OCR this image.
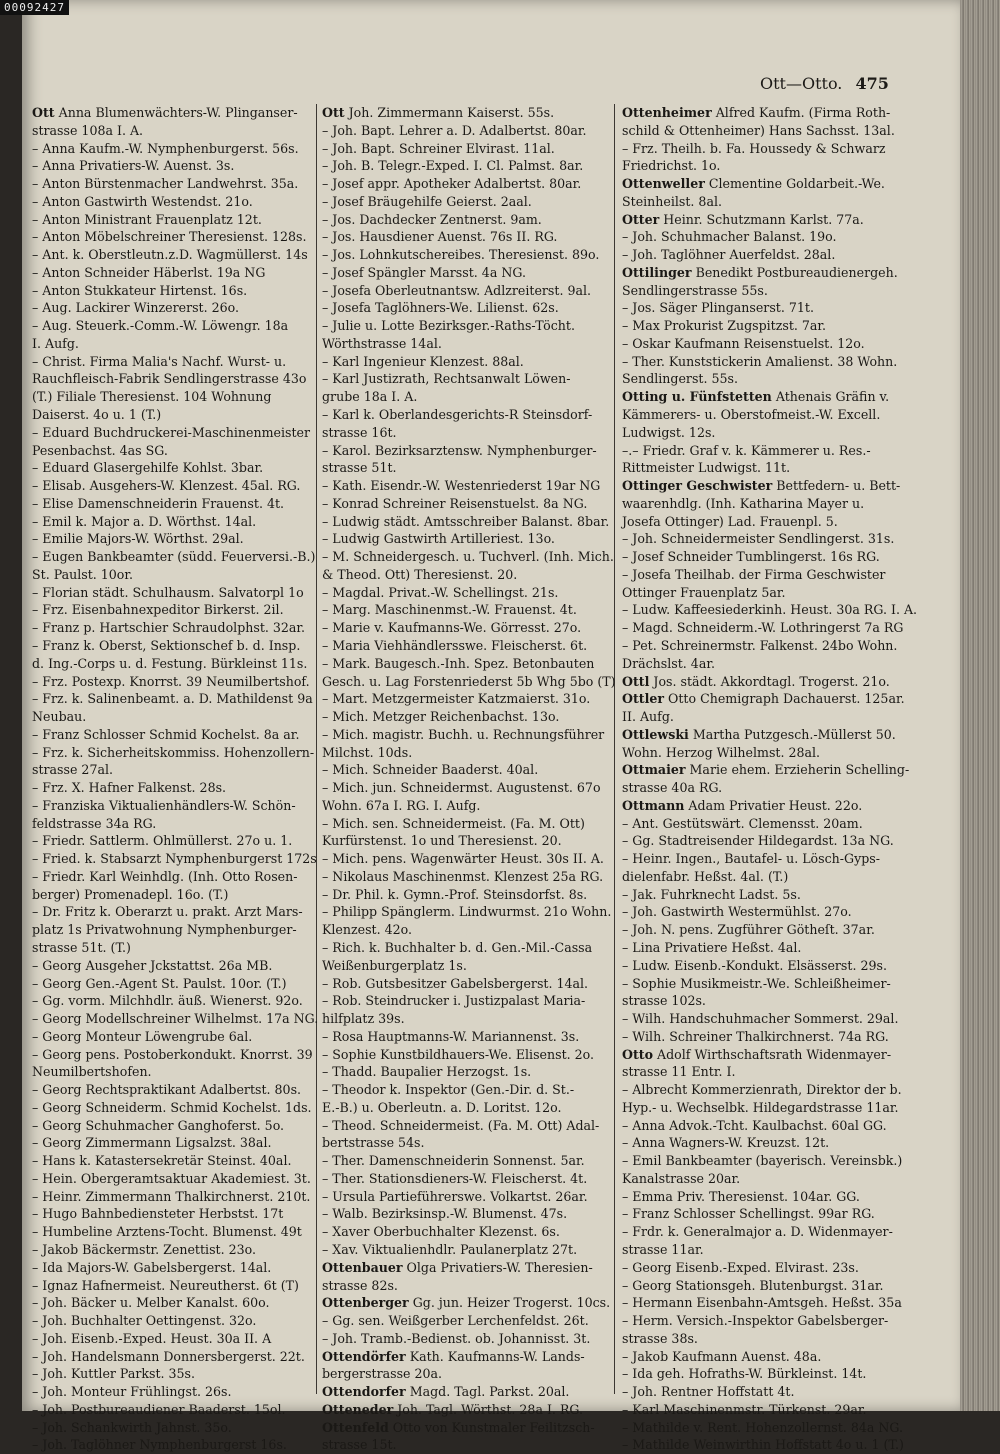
00092427
Ott—Otto. 475
Ott Anna Blumenwächters-W. Plinganser-
strasse 108a I. A.
– Anna Kaufm.-W. Nymphenburgerst. 56s.
– Anna Privatiers-W. Auenst. 3s.
– Anton Bürstenmacher Landwehrst. 35a.
– Anton Gastwirth Westendst. 21o.
– Anton Ministrant Frauenplatz 12t.
– Anton Möbelschreiner Theresienst. 128s.
– Ant. k. Oberstleutn.z.D. Wagmüllerst. 14s
– Anton Schneider Häberlst. 19a NG
– Anton Stukkateur Hirtenst. 16s.
– Aug. Lackirer Winzererst. 26o.
– Aug. Steuerk.-Comm.-W. Löwengr. 18a
I. Aufg.
– Christ. Firma Malia's Nachf. Wurst- u.
Rauchfleisch-Fabrik Sendlingerstrasse 43o
(T.) Filiale Theresienst. 104 Wohnung
Daiserst. 4o u. 1 (T.)
– Eduard Buchdruckerei-Maschinenmeister
Pesenbachst. 4as SG.
– Eduard Glasergehilfe Kohlst. 3bar.
– Elisab. Ausgehers-W. Klenzest. 45al. RG.
– Elise Damenschneiderin Frauenst. 4t.
– Emil k. Major a. D. Wörthst. 14al.
– Emilie Majors-W. Wörthst. 29al.
– Eugen Bankbeamter (südd. Feuerversi.-B.)
St. Paulst. 10or.
– Florian städt. Schulhausm. Salvatorpl 1o
– Frz. Eisenbahnexpeditor Birkerst. 2il.
– Franz p. Hartschier Schraudolphst. 32ar.
– Franz k. Oberst, Sektionschef b. d. Insp.
d. Ing.-Corps u. d. Festung. Bürkleinst 11s.
– Frz. Postexp. Knorrst. 39 Neumilbertshof.
– Frz. k. Salinenbeamt. a. D. Mathildenst 9a
Neubau.
– Franz Schlosser Schmid Kochelst. 8a ar.
– Frz. k. Sicherheitskommiss. Hohenzollern-
strasse 27al.
– Frz. X. Hafner Falkenst. 28s.
– Franziska Viktualienhändlers-W. Schön-
feldstrasse 34a RG.
– Friedr. Sattlerm. Ohlmüllerst. 27o u. 1.
– Fried. k. Stabsarzt Nymphenburgerst 172s
– Friedr. Karl Weinhdlg. (Inh. Otto Rosen-
berger) Promenadepl. 16o. (T.)
– Dr. Fritz k. Oberarzt u. prakt. Arzt Mars-
platz 1s Privatwohnung Nymphenburger-
strasse 51t. (T.)
– Georg Ausgeher Jckstattst. 26a MB.
– Georg Gen.-Agent St. Paulst. 10or. (T.)
– Gg. vorm. Milchhdlr. äuß. Wienerst. 92o.
– Georg Modellschreiner Wilhelmst. 17a NG.
– Georg Monteur Löwengrube 6al.
– Georg pens. Postoberkondukt. Knorrst. 39
Neumilbertshofen.
– Georg Rechtspraktikant Adalbertst. 80s.
– Georg Schneiderm. Schmid Kochelst. 1ds.
– Georg Schuhmacher Ganghoferst. 5o.
– Georg Zimmermann Ligsalzst. 38al.
– Hans k. Katastersekretär Steinst. 40al.
– Hein. Obergeramtsaktuar Akademiest. 3t.
– Heinr. Zimmermann Thalkirchnerst. 210t.
– Hugo Bahnbediensteter Herbstst. 17t
– Humbeline Arztens-Tocht. Blumenst. 49t
– Jakob Bäckermstr. Zenettist. 23o.
– Ida Majors-W. Gabelsbergerst. 14al.
– Ignaz Hafnermeist. Neureutherst. 6t (T)
– Joh. Bäcker u. Melber Kanalst. 60o.
– Joh. Buchhalter Oettingenst. 32o.
– Joh. Eisenb.-Exped. Heust. 30a II. A
– Joh. Handelsmann Donnersbergerst. 22t.
– Joh. Kuttler Parkst. 35s.
– Joh. Monteur Frühlingst. 26s.
– Joh. Postbureaudiener Baaderst. 15ol.
– Joh. Schankwirth Jahnst. 35o.
– Joh. Taglöhner Nymphenburgerst 16s.
Ott Joh. Zimmermann Kaiserst. 55s.
– Joh. Bapt. Lehrer a. D. Adalbertst. 80ar.
– Joh. Bapt. Schreiner Elvirast. 11al.
– Joh. B. Telegr.-Exped. I. Cl. Palmst. 8ar.
– Josef appr. Apotheker Adalbertst. 80ar.
– Josef Bräugehilfe Geierst. 2aal.
– Jos. Dachdecker Zentnerst. 9am.
– Jos. Hausdiener Auenst. 76s II. RG.
– Jos. Lohnkutschereibes. Theresienst. 89o.
– Josef Spängler Marsst. 4a NG.
– Josefa Oberleutnantsw. Adlzreiterst. 9al.
– Josefa Taglöhners-We. Lilienst. 62s.
– Julie u. Lotte Bezirksger.-Raths-Töcht.
Wörthstrasse 14al.
– Karl Ingenieur Klenzest. 88al.
– Karl Justizrath, Rechtsanwalt Löwen-
grube 18a I. A.
– Karl k. Oberlandesgerichts-R Steinsdorf-
strasse 16t.
– Karol. Bezirksarztensw. Nymphenburger-
strasse 51t.
– Kath. Eisendr.-W. Westenriederst 19ar NG
– Konrad Schreiner Reisenstuelst. 8a NG.
– Ludwig städt. Amtsschreiber Balanst. 8bar.
– Ludwig Gastwirth Artilleriest. 13o.
– M. Schneidergesch. u. Tuchverl. (Inh. Mich.
& Theod. Ott) Theresienst. 20.
– Magdal. Privat.-W. Schellingst. 21s.
– Marg. Maschinenmst.-W. Frauenst. 4t.
– Marie v. Kaufmanns-We. Görresst. 27o.
– Maria Viehhändlersswe. Fleischerst. 6t.
– Mark. Baugesch.-Inh. Spez. Betonbauten
Gesch. u. Lag Forstenriederst 5b Whg 5bo (T)
– Mart. Metzgermeister Katzmaierst. 31o.
– Mich. Metzger Reichenbachst. 13o.
– Mich. magistr. Buchh. u. Rechnungsführer
Milchst. 10ds.
– Mich. Schneider Baaderst. 40al.
– Mich. jun. Schneidermst. Augustenst. 67o
Wohn. 67a I. RG. I. Aufg.
– Mich. sen. Schneidermeist. (Fa. M. Ott)
Kurfürstenst. 1o und Theresienst. 20.
– Mich. pens. Wagenwärter Heust. 30s II. A.
– Nikolaus Maschinenmst. Klenzest 25a RG.
– Dr. Phil. k. Gymn.-Prof. Steinsdorfst. 8s.
– Philipp Spänglerm. Lindwurmst. 21o Wohn.
Klenzest. 42o.
– Rich. k. Buchhalter b. d. Gen.-Mil.-Cassa
Weißenburgerplatz 1s.
– Rob. Gutsbesitzer Gabelsbergerst. 14al.
– Rob. Steindrucker i. Justizpalast Maria-
hilfplatz 39s.
– Rosa Hauptmanns-W. Mariannenst. 3s.
– Sophie Kunstbildhauers-We. Elisenst. 2o.
– Thadd. Baupalier Herzogst. 1s.
– Theodor k. Inspektor (Gen.-Dir. d. St.-
E.-B.) u. Oberleutn. a. D. Loritst. 12o.
– Theod. Schneidermeist. (Fa. M. Ott) Adal-
bertstrasse 54s.
– Ther. Damenschneiderin Sonnenst. 5ar.
– Ther. Stationsdieners-W. Fleischerst. 4t.
– Ursula Partieführerswe. Volkartst. 26ar.
– Walb. Bezirksinsp.-W. Blumenst. 47s.
– Xaver Oberbuchhalter Klezenst. 6s.
– Xav. Viktualienhdlr. Paulanerplatz 27t.
Ottenbauer Olga Privatiers-W. Theresien-
strasse 82s.
Ottenberger Gg. jun. Heizer Trogerst. 10cs.
– Gg. sen. Weißgerber Lerchenfeldst. 26t.
– Joh. Tramb.-Bedienst. ob. Johannisst. 3t.
Ottendörfer Kath. Kaufmanns-W. Lands-
bergerstrasse 20a.
Ottendorfer Magd. Tagl. Parkst. 20al.
Otteneder Joh. Tagl. Wörthst. 28a I. RG.
Ottenfeld Otto von Kunstmaler Feilitzsch-
strasse 15t.
Ottenheimer Alfred Kaufm. (Firma Roth-
schild & Ottenheimer) Hans Sachsst. 13al.
– Frz. Theilh. b. Fa. Houssedy & Schwarz
Friedrichst. 1o.
Ottenweller Clementine Goldarbeit.-We.
Steinheilst. 8al.
Otter Heinr. Schutzmann Karlst. 77a.
– Joh. Schuhmacher Balanst. 19o.
– Joh. Taglöhner Auerfeldst. 28al.
Ottilinger Benedikt Postbureaudienergeh.
Sendlingerstrasse 55s.
– Jos. Säger Plinganserst. 71t.
– Max Prokurist Zugspitzst. 7ar.
– Oskar Kaufmann Reisenstuelst. 12o.
– Ther. Kunststickerin Amalienst. 38 Wohn.
Sendlingerst. 55s.
Otting u. Fünfstetten Athenais Gräfin v.
Kämmerers- u. Oberstofmeist.-W. Excell.
Ludwigst. 12s.
–.– Friedr. Graf v. k. Kämmerer u. Res.-
Rittmeister Ludwigst. 11t.
Ottinger Geschwister Bettfedern- u. Bett-
waarenhdlg. (Inh. Katharina Mayer u.
Josefa Ottinger) Lad. Frauenpl. 5.
– Joh. Schneidermeister Sendlingerst. 31s.
– Josef Schneider Tumblingerst. 16s RG.
– Josefa Theilhab. der Firma Geschwister
Ottinger Frauenplatz 5ar.
– Ludw. Kaffeesiederkinh. Heust. 30a RG. I. A.
– Magd. Schneiderm.-W. Lothringerst 7a RG
– Pet. Schreinermstr. Falkenst. 24bo Wohn.
Drächslst. 4ar.
Ottl Jos. städt. Akkordtagl. Trogerst. 21o.
Ottler Otto Chemigraph Dachauerst. 125ar.
II. Aufg.
Ottlewski Martha Putzgesch.-Müllerst 50.
Wohn. Herzog Wilhelmst. 28al.
Ottmaier Marie ehem. Erzieherin Schelling-
strasse 40a RG.
Ottmann Adam Privatier Heust. 22o.
– Ant. Gestütswärt. Clemensst. 20am.
– Gg. Stadtreisender Hildegardst. 13a NG.
– Heinr. Ingen., Bautafel- u. Lösch-Gyps-
dielenfabr. Heßst. 4al. (T.)
– Jak. Fuhrknecht Ladst. 5s.
– Joh. Gastwirth Westermühlst. 27o.
– Joh. N. pens. Zugführer Götheſt. 37ar.
– Lina Privatiere Heßst. 4al.
– Ludw. Eisenb.-Kondukt. Elsässerst. 29s.
– Sophie Musikmeistr.-We. Schleißheimer-
strasse 102s.
– Wilh. Handschuhmacher Sommerst. 29al.
– Wilh. Schreiner Thalkirchnerst. 74a RG.
Otto Adolf Wirthschaftsrath Widenmayer-
strasse 11 Entr. I.
– Albrecht Kommerzienrath, Direktor der b.
Hyp.- u. Wechselbk. Hildegardstrasse 11ar.
– Anna Advok.-Tcht. Kaulbachst. 60al GG.
– Anna Wagners-W. Kreuzst. 12t.
– Emil Bankbeamter (bayerisch. Vereinsbk.)
Kanalstrasse 20ar.
– Emma Priv. Theresienst. 104ar. GG.
– Franz Schlosser Schellingst. 99ar RG.
– Frdr. k. Generalmajor a. D. Widenmayer-
strasse 11ar.
– Georg Eisenb.-Exped. Elvirast. 23s.
– Georg Stationsgeh. Blutenburgst. 31ar.
– Hermann Eisenbahn-Amtsgeh. Heßst. 35a
– Herm. Versich.-Inspektor Gabelsberger-
strasse 38s.
– Jakob Kaufmann Auenst. 48a.
– Ida geh. Hofraths-W. Bürkleinst. 14t.
– Joh. Rentner Hoffstatt 4t.
– Karl Maschinenmstr. Türkenst. 29ar.
– Mathilde v. Rent. Hohenzollernst. 84a NG.
– Mathilde Weinwirthin Hoffstatt 4o u. 1 (T.)
